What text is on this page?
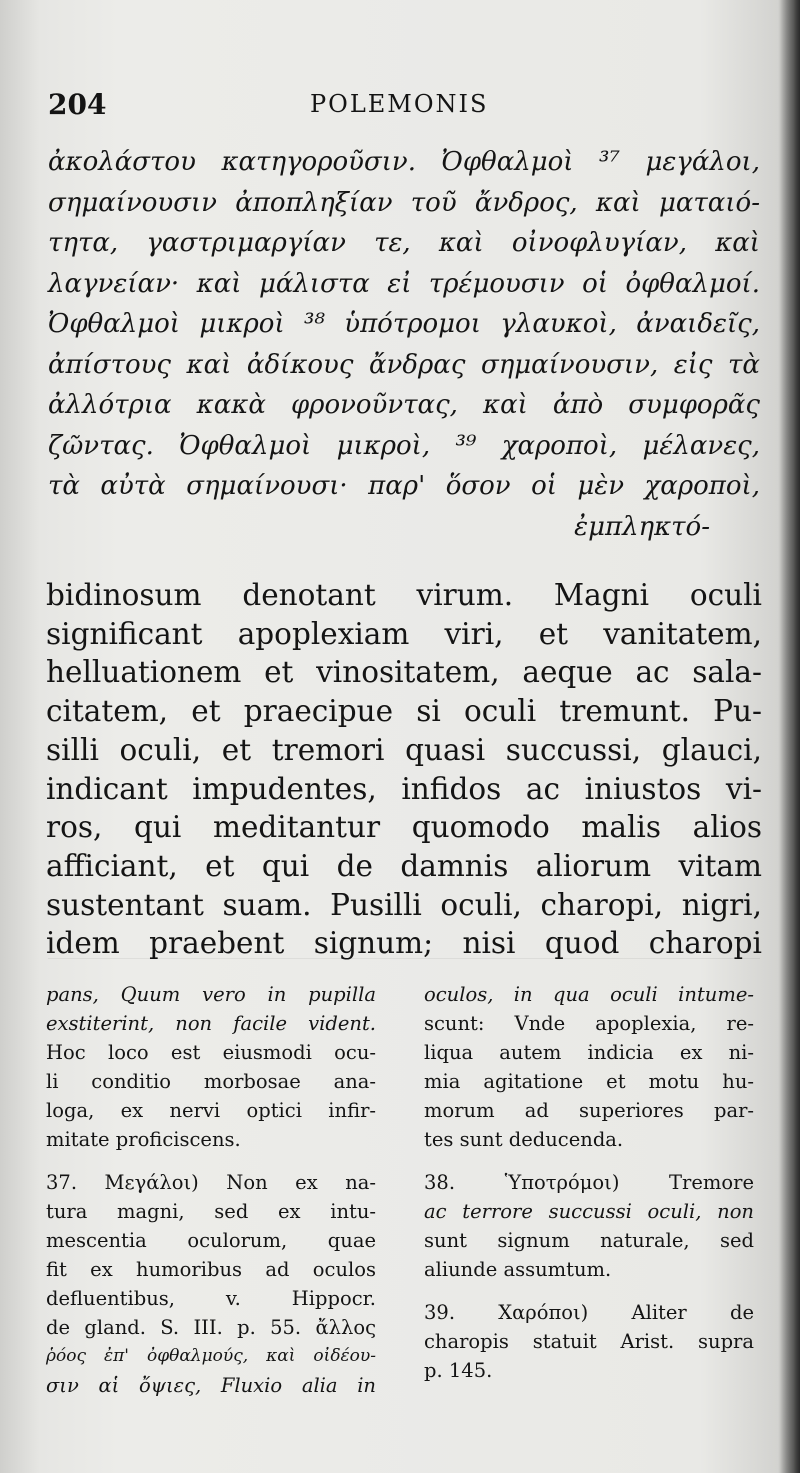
204	POLEMONIS
ἀκολάστου κατηγοροῦσιν. Ὀφθαλμοὶ ³⁷ μεγάλοι,
σημαίνουσιν ἀποπληξίαν τοῦ ἄνδρος, καὶ ματαιό-
τητα, γαστριμαργίαν τε, καὶ οἰνοφλυγίαν, καὶ
λαγνείαν· καὶ μάλιστα εἰ τρέμουσιν οἱ ὀφθαλμοί.
Ὀφθαλμοὶ μικροὶ ³⁸ ὑπότρομοι γλαυκοὶ, ἀναιδεῖς,
ἀπίστους καὶ ἀδίκους ἄνδρας σημαίνουσιν, εἰς τὰ
ἀλλότρια κακὰ φρονοῦντας, καὶ ἀπὸ συμφορᾶς
ζῶντας. Ὀφθαλμοὶ μικροὶ, ³⁹ χαροποὶ, μέλανες,
τὰ αὐτὰ σημαίνουσι· παρ' ὅσον οἱ μὲν χαροποὶ,
ἐμπληκτό-
bidinosum denotant virum. Magni oculi
significant apoplexiam viri, et vanitatem,
helluationem et vinositatem, aeque ac sala-
citatem, et praecipue si oculi tremunt. Pu-
silli oculi, et tremori quasi succussi, glauci,
indicant impudentes, infidos ac iniustos vi-
ros, qui meditantur quomodo malis alios
afficiant, et qui de damnis aliorum vitam
sustentant suam. Pusilli oculi, charopi, nigri,
idem praebent signum; nisi quod charopi
pans, Quum vero in pupilla
exstiterint, non facile vident.
Hoc loco est eiusmodi ocu-
li conditio morbosae ana-
loga, ex nervi optici infir-
mitate proficiscens.
37. Μεγάλοι) Non ex na-
tura magni, sed ex intu-
mescentia oculorum, quae
fit ex humoribus ad oculos
defluentibus, v. Hippocr.
de gland. S. III. p. 55. ἄλλος
ῥόος ἐπ' ὀφθαλμούς, καὶ οἰδέου-
σιν αἱ ὄψιες, Fluxio alia in
oculos, in qua oculi intume-
scunt: Vnde apoplexia, re-
liqua autem indicia ex ni-
mia agitatione et motu hu-
morum ad superiores par-
tes sunt deducenda.
38. Ὑποτρόμοι) Tremore
ac terrore succussi oculi, non
sunt signum naturale, sed
aliunde assumtum.
39. Χαρόποι) Aliter de
charopis statuit Arist. supra
p. 145.
